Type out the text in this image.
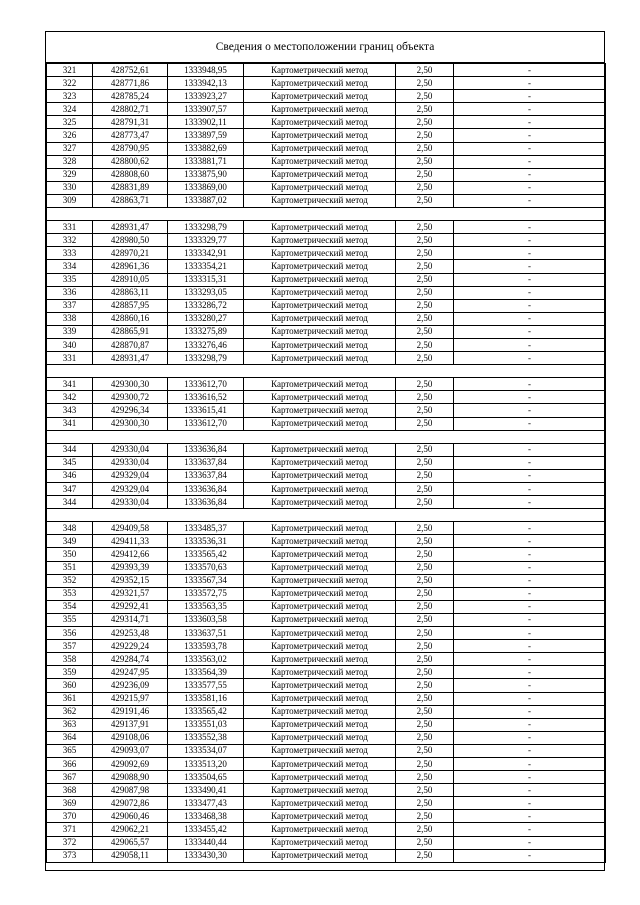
Сведения о местоположении границ объекта
321	428752,61	1333948,95	Картометрический метод	2,50	-
322	428771,86	1333942,13	Картометрический метод	2,50	-
323	428785,24	1333923,27	Картометрический метод	2,50	-
324	428802,71	1333907,57	Картометрический метод	2,50	-
325	428791,31	1333902,11	Картометрический метод	2,50	-
326	428773,47	1333897,59	Картометрический метод	2,50	-
327	428790,95	1333882,69	Картометрический метод	2,50	-
328	428800,62	1333881,71	Картометрический метод	2,50	-
329	428808,60	1333875,90	Картометрический метод	2,50	-
330	428831,89	1333869,00	Картометрический метод	2,50	-
309	428863,71	1333887,02	Картометрический метод	2,50	-

331	428931,47	1333298,79	Картометрический метод	2,50	-
332	428980,50	1333329,77	Картометрический метод	2,50	-
333	428970,21	1333342,91	Картометрический метод	2,50	-
334	428961,36	1333354,21	Картометрический метод	2,50	-
335	428910,05	1333315,31	Картометрический метод	2,50	-
336	428863,11	1333293,05	Картометрический метод	2,50	-
337	428857,95	1333286,72	Картометрический метод	2,50	-
338	428860,16	1333280,27	Картометрический метод	2,50	-
339	428865,91	1333275,89	Картометрический метод	2,50	-
340	428870,87	1333276,46	Картометрический метод	2,50	-
331	428931,47	1333298,79	Картометрический метод	2,50	-

341	429300,30	1333612,70	Картометрический метод	2,50	-
342	429300,72	1333616,52	Картометрический метод	2,50	-
343	429296,34	1333615,41	Картометрический метод	2,50	-
341	429300,30	1333612,70	Картометрический метод	2,50	-

344	429330,04	1333636,84	Картометрический метод	2,50	-
345	429330,04	1333637,84	Картометрический метод	2,50	-
346	429329,04	1333637,84	Картометрический метод	2,50	-
347	429329,04	1333636,84	Картометрический метод	2,50	-
344	429330,04	1333636,84	Картометрический метод	2,50	-

348	429409,58	1333485,37	Картометрический метод	2,50	-
349	429411,33	1333536,31	Картометрический метод	2,50	-
350	429412,66	1333565,42	Картометрический метод	2,50	-
351	429393,39	1333570,63	Картометрический метод	2,50	-
352	429352,15	1333567,34	Картометрический метод	2,50	-
353	429321,57	1333572,75	Картометрический метод	2,50	-
354	429292,41	1333563,35	Картометрический метод	2,50	-
355	429314,71	1333603,58	Картометрический метод	2,50	-
356	429253,48	1333637,51	Картометрический метод	2,50	-
357	429229,24	1333593,78	Картометрический метод	2,50	-
358	429284,74	1333563,02	Картометрический метод	2,50	-
359	429247,95	1333564,39	Картометрический метод	2,50	-
360	429236,09	1333577,55	Картометрический метод	2,50	-
361	429215,97	1333581,16	Картометрический метод	2,50	-
362	429191,46	1333565,42	Картометрический метод	2,50	-
363	429137,91	1333551,03	Картометрический метод	2,50	-
364	429108,06	1333552,38	Картометрический метод	2,50	-
365	429093,07	1333534,07	Картометрический метод	2,50	-
366	429092,69	1333513,20	Картометрический метод	2,50	-
367	429088,90	1333504,65	Картометрический метод	2,50	-
368	429087,98	1333490,41	Картометрический метод	2,50	-
369	429072,86	1333477,43	Картометрический метод	2,50	-
370	429060,46	1333468,38	Картометрический метод	2,50	-
371	429062,21	1333455,42	Картометрический метод	2,50	-
372	429065,57	1333440,44	Картометрический метод	2,50	-
373	429058,11	1333430,30	Картометрический метод	2,50	-
